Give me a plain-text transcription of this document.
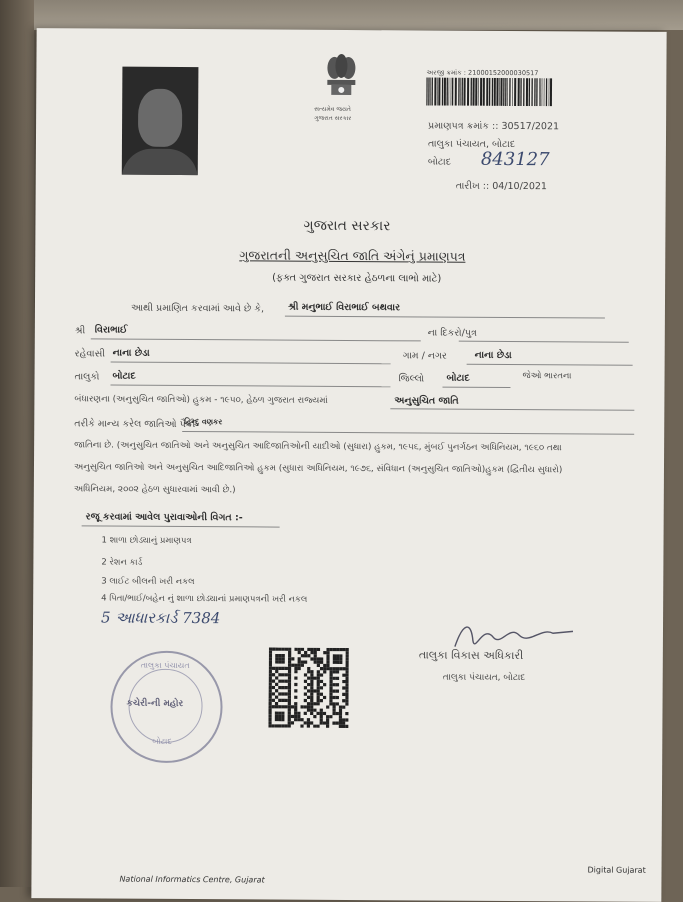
સત્યમેવ જયતે
ગુજરાત સરકાર
અરજી ક્રમાંક : 21000152000030517
પ્રમાણપત્ર ક્રમાંક :: 30517/2021
તાલુકા પંચાયત, બોટાદ
બોટાદ 843127
તારીખ :: 04/10/2021
ગુજરાત સરકાર
ગુજરાતની અનુસુચિત જાતિ અંગેનું પ્રમાણપત્ર
(ફક્ત ગુજરાત સરકાર હેઠળના લાભો માટે)
આથી પ્રમાણિત કરવામાં આવે છે કે,	શ્રી મનુભાઈ વિરાભાઈ બથવાર
શ્રી વિરાભાઈ	ના દિકરો/પુત્ર
રહેવાસી નાના છેડા	ગામ / નગર	નાના છેડા
તાલુકો બોટાદ	જિલ્લો બોટાદ	જેઓ ભારતના
બંધારણના (અનુસુચિત જાતિઓ) હુકમ - ૧૯૫૦, હેઠળ ગુજરાત રાજ્યમાં	અનુસુચિત જાતિ
તરીકે માન્ય કરેલ જાતિઓ પૈકી
હિન્દુ વણકર
જાતિના છે. (અનુસુચિત જાતિઓ અને અનુસુચિત આદિજાતિઓની યાદીઓ (સુધારા) હુકમ, ૧૯૫૬, મુંબઈ પુનર્ગઠન અધિનિયમ, ૧૯૬૦ તથા
અનુસુચિત જાતિઓ અને અનુસુચિત આદિજાતિઓ હુકમ (સુધારા અધિનિયમ, ૧૯૭૬, સંવિધાન (અનુસુચિત જાતિઓ)હુકમ (દ્વિતીય સુધારો)
અધિનિયમ, ૨૦૦૨ હેઠળ સુધારવામાં આવી છે.)
રજૂ કરવામાં આવેલ પુરાવાઓની વિગત :-
1 શાળા છોડ્યાનું પ્રમાણપત્ર
2 રેશન કાર્ડ
3 લાઈટ બીલની ખરી નકલ
4 પિતા/ભાઈ/બહેન નું શાળા છોડ્યાનાં પ્રમાણપત્રની ખરી નકલ
5 આધારકાર્ડ 7384
તાલુકા વિકાસ અધિકારી
તાલુકા પંચાયત, બોટાદ
તાલુકા પંચાયત
કચેરી-ની મહોર
બોટાદ
National Informatics Centre, Gujarat
Digital Gujarat
